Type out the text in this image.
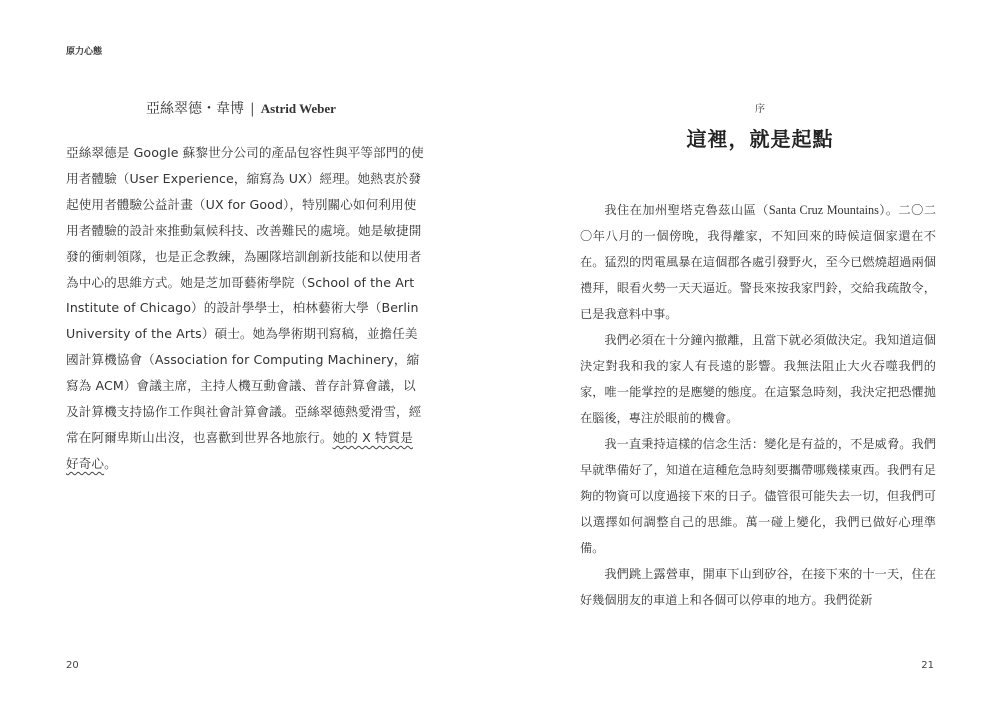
原力心態
亞絲翠德・韋博 | Astrid Weber

亞絲翠德是 Google 蘇黎世分公司的產品包容性與平等部門的使用者體驗（User Experience，縮寫為 UX）經理。她熱衷於發起使用者體驗公益計畫（UX for Good），特別關心如何利用使用者體驗的設計來推動氣候科技、改善難民的處境。她是敏捷開發的衝刺領隊，也是正念教練，為團隊培訓創新技能和以使用者為中心的思維方式。她是芝加哥藝術學院（School of the Art Institute of Chicago）的設計學學士，柏林藝術大學（Berlin University of the Arts）碩士。她為學術期刊寫稿，並擔任美國計算機協會（Association for Computing Machinery，縮寫為 ACM）會議主席，主持人機互動會議、普存計算會議，以及計算機支持協作工作與社會計算會議。亞絲翠德熱愛滑雪，經常在阿爾卑斯山出沒，也喜歡到世界各地旅行。她的 X 特質是好奇心。

20
序
這裡，就是起點

我住在加州聖塔克魯茲山區（Santa Cruz Mountains）。二〇二〇年八月的一個傍晚，我得離家，不知回來的時候這個家還在不在。猛烈的閃電風暴在這個郡各處引發野火，至今已燃燒超過兩個禮拜，眼看火勢一天天逼近。警長來按我家門鈴，交給我疏散令，已是我意料中事。

我們必須在十分鐘內撤離，且當下就必須做決定。我知道這個決定對我和我的家人有長遠的影響。我無法阻止大火吞噬我們的家，唯一能掌控的是應變的態度。在這緊急時刻，我決定把恐懼拋在腦後，專注於眼前的機會。

我一直秉持這樣的信念生活：變化是有益的，不是威脅。我們早就準備好了，知道在這種危急時刻要攜帶哪幾樣東西。我們有足夠的物資可以度過接下來的日子。儘管很可能失去一切，但我們可以選擇如何調整自己的思維。萬一碰上變化，我們已做好心理準備。

我們跳上露營車，開車下山到矽谷，在接下來的十一天，住在好幾個朋友的車道上和各個可以停車的地方。我們從新

21
